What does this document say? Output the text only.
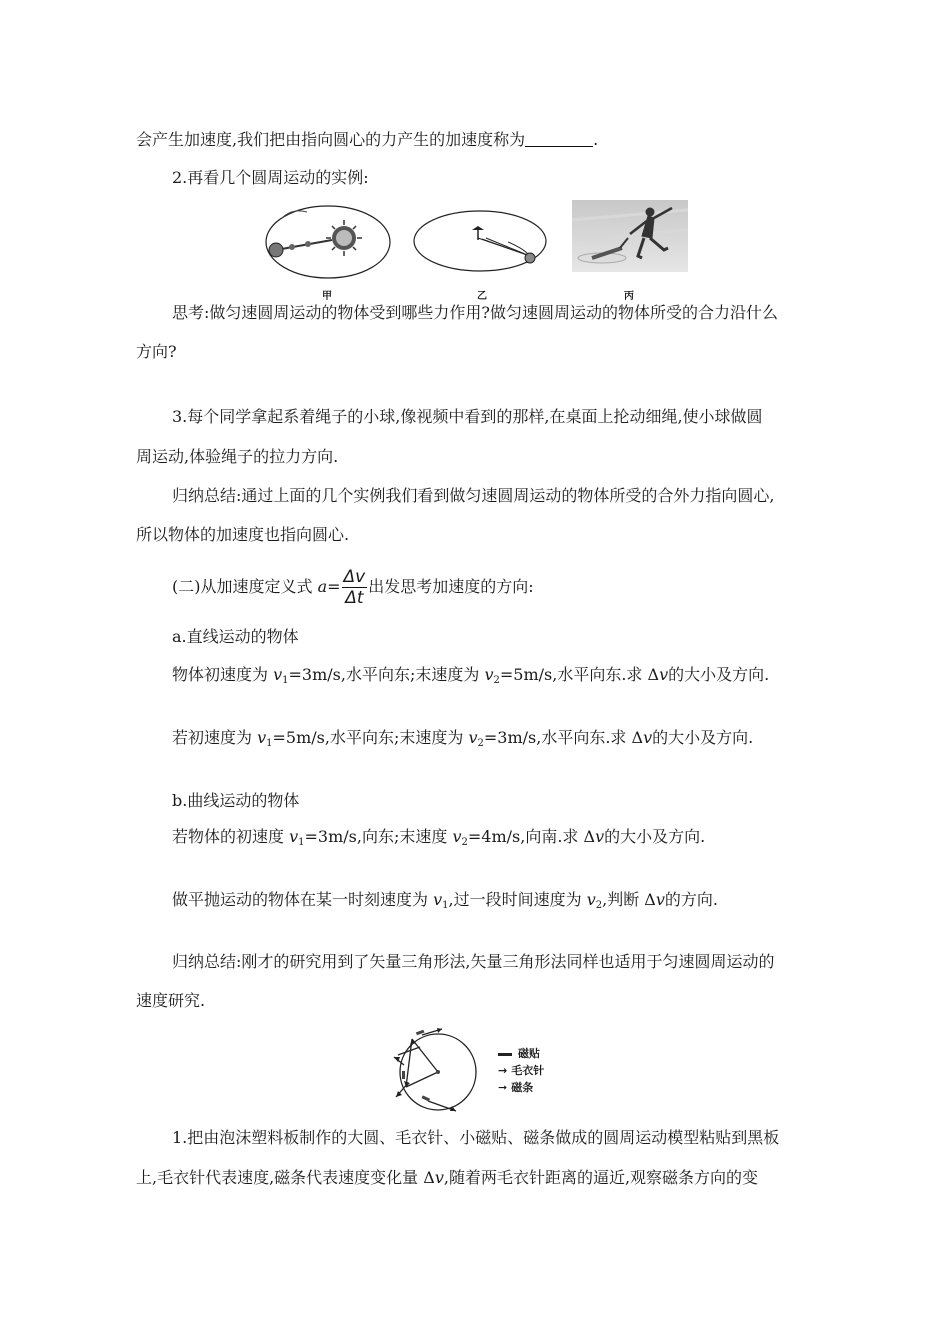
会产生加速度,我们把由指向圆心的力产生的加速度称为	.
2.再看几个圆周运动的实例:
甲	乙	丙
思考:做匀速圆周运动的物体受到哪些力作用?做匀速圆周运动的物体所受的合力沿什么
方向?
3.每个同学拿起系着绳子的小球,像视频中看到的那样,在桌面上抡动细绳,使小球做圆
周运动,体验绳子的拉力方向.
归纳总结:通过上面的几个实例我们看到做匀速圆周运动的物体所受的合外力指向圆心,
所以物体的加速度也指向圆心.
(二)从加速度定义式 $a= \frac{\Delta v}{\Delta t}$ 出发思考加速度的方向:
a.直线运动的物体
物体初速度为 $v_1=3m/s$,水平向东;末速度为 $v_2=5m/s$,水平向东.求 Δv的大小及方向.
若初速度为 $v_1=5m/s$,水平向东;末速度为 $v_2=3m/s$,水平向东.求 Δv的大小及方向.
b.曲线运动的物体
若物体的初速度 $v_1=3m/s$,向东;末速度 $v_2=4m/s$,向南.求 Δv的大小及方向.
做平抛运动的物体在某一时刻速度为 $v_1$,过一段时间速度为 $v_2$,判断 Δv的方向.
归纳总结:刚才的研究用到了矢量三角形法,矢量三角形法同样也适用于匀速圆周运动的
速度研究.
磁贴
→ 毛衣针
➞ 磁条
1.把由泡沫塑料板制作的大圆、毛衣针、小磁贴、磁条做成的圆周运动模型粘贴到黑板
上,毛衣针代表速度,磁条代表速度变化量 Δv,随着两毛衣针距离的逼近,观察磁条方向的变
